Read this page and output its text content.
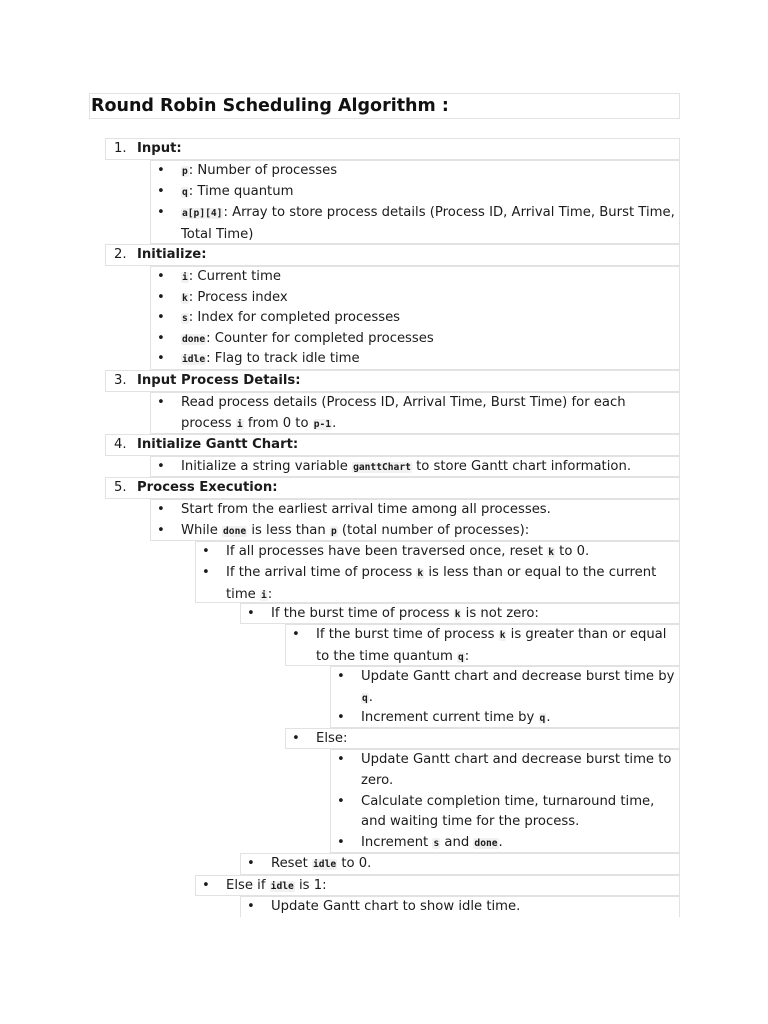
Round Robin Scheduling Algorithm :
1. Input:
• p: Number of processes
• q: Time quantum
• a[p][4]: Array to store process details (Process ID, Arrival Time, Burst Time, Total Time)
2. Initialize:
• i: Current time
• k: Process index
• s: Index for completed processes
• done: Counter for completed processes
• idle: Flag to track idle time
3. Input Process Details:
• Read process details (Process ID, Arrival Time, Burst Time) for each process i from 0 to p-1.
4. Initialize Gantt Chart:
• Initialize a string variable ganttChart to store Gantt chart information.
5. Process Execution:
• Start from the earliest arrival time among all processes.
• While done is less than p (total number of processes):
• If all processes have been traversed once, reset k to 0.
• If the arrival time of process k is less than or equal to the current time i:
• If the burst time of process k is not zero:
• If the burst time of process k is greater than or equal to the time quantum q:
• Update Gantt chart and decrease burst time by q.
• Increment current time by q.
• Else:
• Update Gantt chart and decrease burst time to zero.
• Calculate completion time, turnaround time, and waiting time for the process.
• Increment s and done.
• Reset idle to 0.
• Else if idle is 1:
• Update Gantt chart to show idle time.
